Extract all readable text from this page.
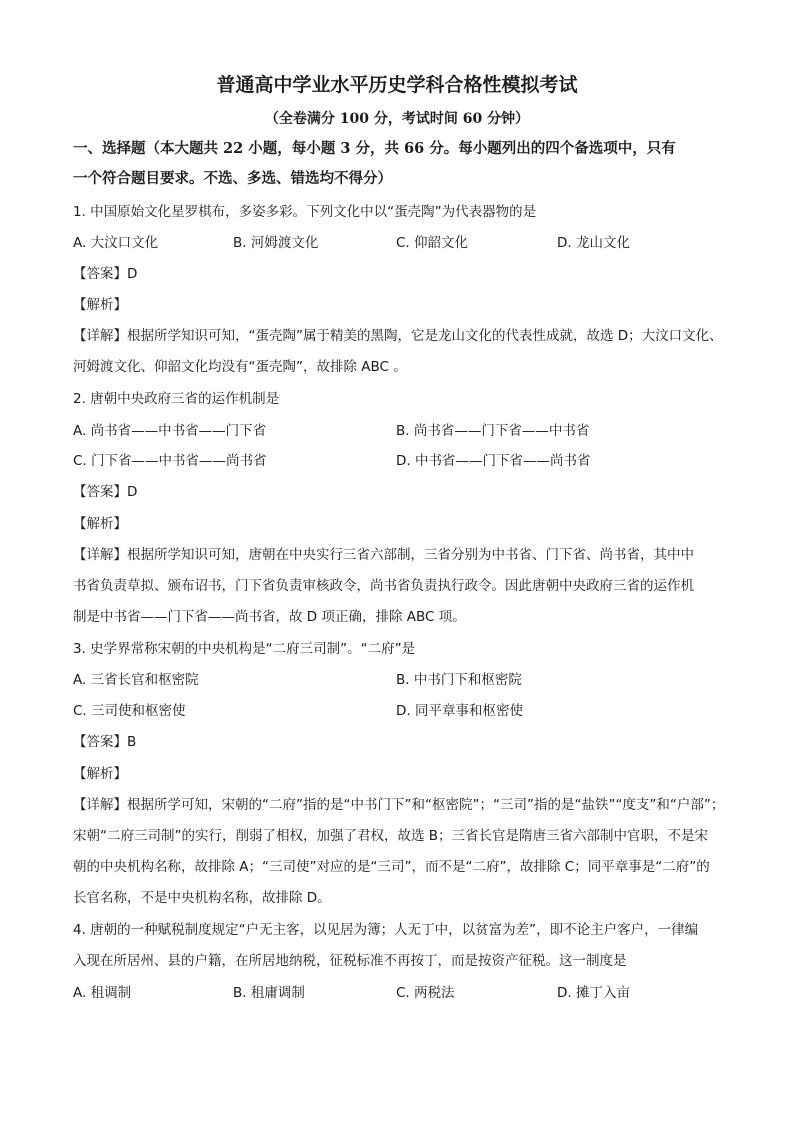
普通高中学业水平历史学科合格性模拟考试
（全卷满分 100 分，考试时间 60 分钟）
一、选择题（本大题共 22 小题，每小题 3 分，共 66 分。每小题列出的四个备选项中，只有
一个符合题目要求。不选、多选、错选均不得分）
1. 中国原始文化星罗棋布，多姿多彩。下列文化中以“蛋壳陶”为代表器物的是
A. 大汶口文化	B. 河姆渡文化	C. 仰韶文化	D. 龙山文化
【答案】D
【解析】
【详解】根据所学知识可知，“蛋壳陶”属于精美的黑陶，它是龙山文化的代表性成就，故选 D；大汶口文化、
河姆渡文化、仰韶文化均没有“蛋壳陶”，故排除 ABC 。
2. 唐朝中央政府三省的运作机制是
A. 尚书省——中书省——门下省	B. 尚书省——门下省——中书省
C. 门下省——中书省——尚书省	D. 中书省——门下省——尚书省
【答案】D
【解析】
【详解】根据所学知识可知，唐朝在中央实行三省六部制，三省分别为中书省、门下省、尚书省，其中中
书省负责草拟、颁布诏书，门下省负责审核政令，尚书省负责执行政令。因此唐朝中央政府三省的运作机
制是中书省——门下省——尚书省，故 D 项正确，排除 ABC 项。
3. 史学界常称宋朝的中央机构是“二府三司制”。“二府”是
A. 三省长官和枢密院	B. 中书门下和枢密院
C. 三司使和枢密使	D. 同平章事和枢密使
【答案】B
【解析】
【详解】根据所学可知，宋朝的“二府”指的是“中书门下”和“枢密院”；“三司”指的是“盐铁”“度支”和“户部”；
宋朝“二府三司制”的实行，削弱了相权，加强了君权，故选 B；三省长官是隋唐三省六部制中官职，不是宋
朝的中央机构名称，故排除 A；“三司使”对应的是“三司”，而不是“二府”，故排除 C；同平章事是“二府”的
长官名称，不是中央机构名称，故排除 D。
4. 唐朝的一种赋税制度规定“户无主客，以见居为簿；人无丁中，以贫富为差”，即不论主户客户，一律编
入现在所居州、县的户籍，在所居地纳税，征税标准不再按丁，而是按资产征税。这一制度是
A. 租调制	B. 租庸调制	C. 两税法	D. 摊丁入亩
